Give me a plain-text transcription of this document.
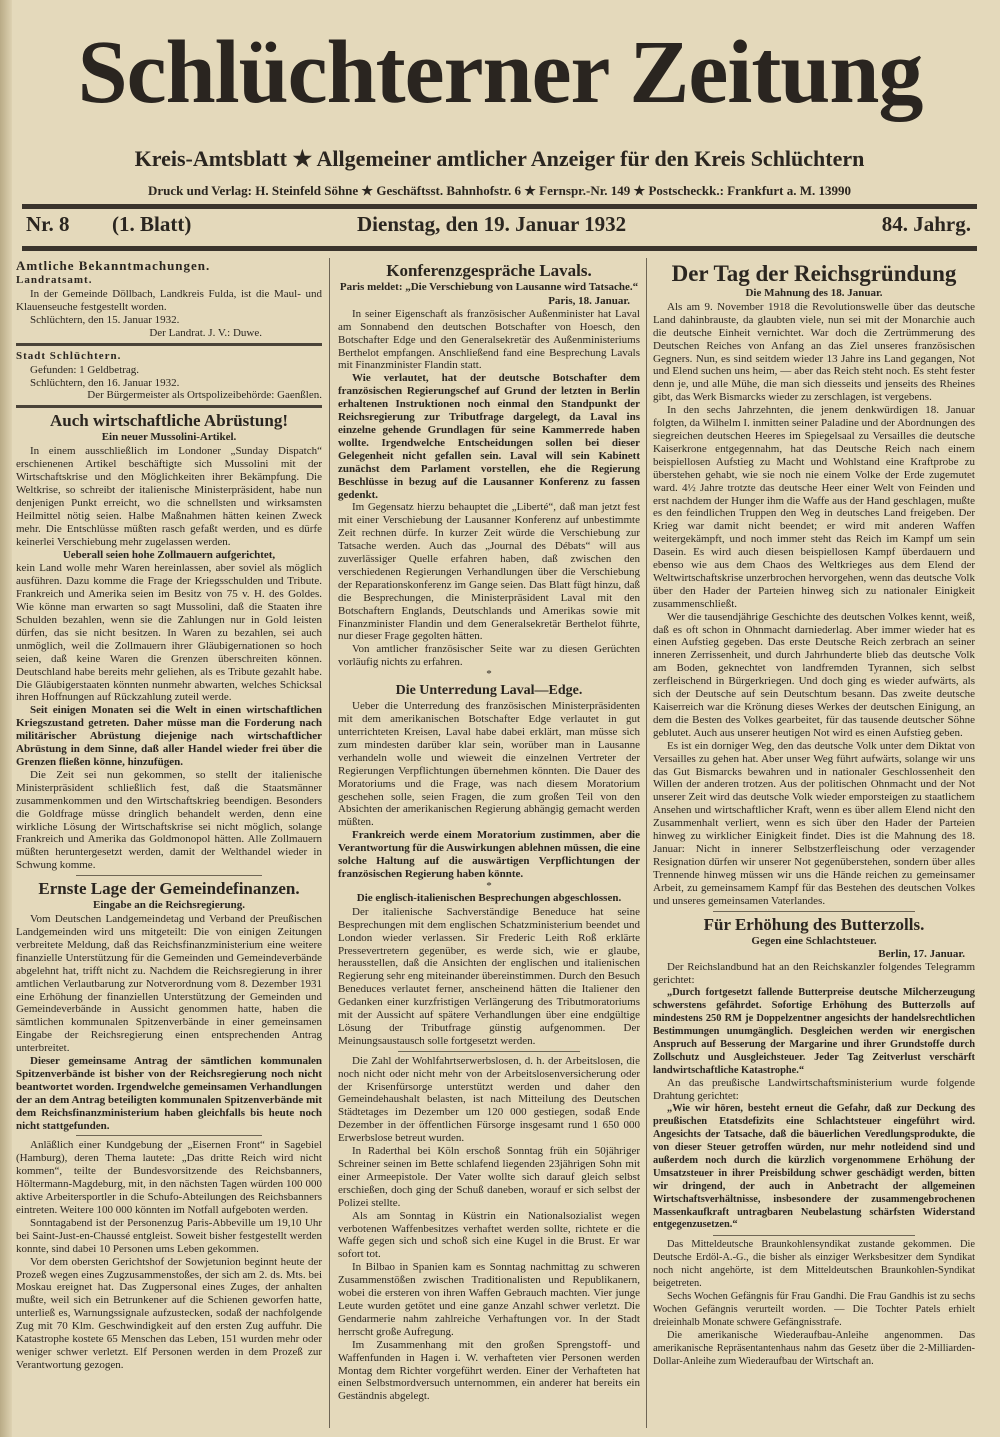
Schlüchterner Zeitung
Kreis-Amtsblatt ★ Allgemeiner amtlicher Anzeiger für den Kreis Schlüchtern
Druck und Verlag: H. Steinfeld Söhne ★ Geschäftsst. Bahnhofstr. 6 ★ Fernspr.-Nr. 149 ★ Postscheckk.: Frankfurt a. M. 13990
Nr. 8 (1. Blatt)	Dienstag, den 19. Januar 1932	84. Jahrg.
Amtliche Bekanntmachungen.
Landratsamt.

In der Gemeinde Döllbach, Landkreis Fulda, ist die Maul- und Klauenseuche festgestellt worden.

Schlüchtern, den 15. Januar 1932.

Der Landrat. J. V.: Duwe.

Stadt Schlüchtern.

Gefunden: 1 Geldbetrag.

Schlüchtern, den 16. Januar 1932.

Der Bürgermeister als Ortspolizeibehörde: Gaenßlen.

Auch wirtschaftliche Abrüstung!
Ein neuer Mussolini-Artikel.

In einem ausschließlich im Londoner „Sunday Dispatch“ erschienenen Artikel beschäftigte sich Mussolini mit der Wirtschaftskrise und den Möglichkeiten ihrer Bekämpfung. Die Weltkrise, so schreibt der italienische Ministerpräsident, habe nun denjenigen Punkt erreicht, wo die schnellsten und wirksamsten Heilmittel nötig seien. Halbe Maßnahmen hätten keinen Zweck mehr. Die Entschlüsse müßten rasch gefaßt werden, und es dürfe keinerlei Verschiebung mehr zugelassen werden.

Ueberall seien hohe Zollmauern aufgerichtet,

kein Land wolle mehr Waren hereinlassen, aber soviel als möglich ausführen. Dazu komme die Frage der Kriegsschulden und Tribute. Frankreich und Amerika seien im Besitz von 75 v. H. des Goldes. Wie könne man erwarten so sagt Mussolini, daß die Staaten ihre Schulden bezahlen, wenn sie die Zahlungen nur in Gold leisten dürfen, das sie nicht besitzen. In Waren zu bezahlen, sei auch unmöglich, weil die Zollmauern ihrer Gläubigernationen so hoch seien, daß keine Waren die Grenzen überschreiten können. Deutschland habe bereits mehr geliehen, als es Tribute gezahlt habe. Die Gläubigerstaaten könnten nunmehr abwarten, welches Schicksal ihren Hoffnungen auf Rückzahlung zuteil werde.

Seit einigen Monaten sei die Welt in einen wirtschaftlichen Kriegszustand getreten. Daher müsse man die Forderung nach militärischer Abrüstung diejenige nach wirtschaftlicher Abrüstung in dem Sinne, daß aller Handel wieder frei über die Grenzen fließen könne, hinzufügen.

Die Zeit sei nun gekommen, so stellt der italienische Ministerpräsident schließlich fest, daß die Staatsmänner zusammenkommen und den Wirtschaftskrieg beendigen. Besonders die Goldfrage müsse dringlich behandelt werden, denn eine wirkliche Lösung der Wirtschaftskrise sei nicht möglich, solange Frankreich und Amerika das Goldmonopol hätten. Alle Zollmauern müßten heruntergesetzt werden, damit der Welthandel wieder in Schwung komme.

Ernste Lage der Gemeindefinanzen.
Eingabe an die Reichsregierung.

Vom Deutschen Landgemeindetag und Verband der Preußischen Landgemeinden wird uns mitgeteilt: Die von einigen Zeitungen verbreitete Meldung, daß das Reichsfinanzministerium eine weitere finanzielle Unterstützung für die Gemeinden und Gemeindeverbände abgelehnt hat, trifft nicht zu. Nachdem die Reichsregierung in ihrer amtlichen Verlautbarung zur Notverordnung vom 8. Dezember 1931 eine Erhöhung der finanziellen Unterstützung der Gemeinden und Gemeindeverbände in Aussicht genommen hatte, haben die sämtlichen kommunalen Spitzenverbände in einer gemeinsamen Eingabe der Reichsregierung einen entsprechenden Antrag unterbreitet.

Dieser gemeinsame Antrag der sämtlichen kommunalen Spitzenverbände ist bisher von der Reichsregierung noch nicht beantwortet worden. Irgendwelche gemeinsamen Verhandlungen der an dem Antrag beteiligten kommunalen Spitzenverbände mit dem Reichsfinanzministerium haben gleichfalls bis heute noch nicht stattgefunden.

Anläßlich einer Kundgebung der „Eisernen Front“ in Sagebiel (Hamburg), deren Thema lautete: „Das dritte Reich wird nicht kommen“, teilte der Bundesvorsitzende des Reichsbanners, Höltermann-Magdeburg, mit, in den nächsten Tagen würden 100 000 aktive Arbeitersportler in die Schufo-Abteilungen des Reichsbanners eintreten. Weitere 100 000 könnten im Notfall aufgeboten werden.

Sonntagabend ist der Personenzug Paris-Abbeville um 19,10 Uhr bei Saint-Just-en-Chaussé entgleist. Soweit bisher festgestellt werden konnte, sind dabei 10 Personen ums Leben gekommen.

Vor dem obersten Gerichtshof der Sowjetunion beginnt heute der Prozeß wegen eines Zugzusammenstoßes, der sich am 2. ds. Mts. bei Moskau ereignet hat. Das Zugpersonal eines Zuges, der anhalten mußte, weil sich ein Betrunkener auf die Schienen geworfen hatte, unterließ es, Warnungssignale aufzustecken, sodaß der nachfolgende Zug mit 70 Klm. Geschwindigkeit auf den ersten Zug auffuhr. Die Katastrophe kostete 65 Menschen das Leben, 151 wurden mehr oder weniger schwer verletzt. Elf Personen werden in dem Prozeß zur Verantwortung gezogen.

Konferenzgespräche Lavals.
Paris meldet: „Die Verschiebung von Lausanne wird Tatsache.“

Paris, 18. Januar.

In seiner Eigenschaft als französischer Außenminister hat Laval am Sonnabend den deutschen Botschafter von Hoesch, den Botschafter Edge und den Generalsekretär des Außenministeriums Berthelot empfangen. Anschließend fand eine Besprechung Lavals mit Finanzminister Flandin statt.

Wie verlautet, hat der deutsche Botschafter dem französischen Regierungschef auf Grund der letzten in Berlin erhaltenen Instruktionen noch einmal den Standpunkt der Reichsregierung zur Tributfrage dargelegt, da Laval ins einzelne gehende Grundlagen für seine Kammerrede haben wollte. Irgendwelche Entscheidungen sollen bei dieser Gelegenheit nicht gefallen sein. Laval will sein Kabinett zunächst dem Parlament vorstellen, ehe die Regierung Beschlüsse in bezug auf die Lausanner Konferenz zu fassen gedenkt.

Im Gegensatz hierzu behauptet die „Liberté“, daß man jetzt fest mit einer Verschiebung der Lausanner Konferenz auf unbestimmte Zeit rechnen dürfe. In kurzer Zeit würde die Verschiebung zur Tatsache werden. Auch das „Journal des Débats“ will aus zuverlässiger Quelle erfahren haben, daß zwischen den verschiedenen Regierungen Verhandlungen über die Verschiebung der Reparationskonferenz im Gange seien. Das Blatt fügt hinzu, daß die Besprechungen, die Ministerpräsident Laval mit den Botschaftern Englands, Deutschlands und Amerikas sowie mit Finanzminister Flandin und dem Generalsekretär Berthelot führte, nur dieser Frage gegolten hätten.

Von amtlicher französischer Seite war zu diesen Gerüchten vorläufig nichts zu erfahren.

*
Die Unterredung Laval—Edge.

Ueber die Unterredung des französischen Ministerpräsidenten mit dem amerikanischen Botschafter Edge verlautet in gut unterrichteten Kreisen, Laval habe dabei erklärt, man müsse sich zum mindesten darüber klar sein, worüber man in Lausanne verhandeln wolle und wieweit die einzelnen Vertreter der Regierungen Verpflichtungen übernehmen könnten. Die Dauer des Moratoriums und die Frage, was nach diesem Moratorium geschehen solle, seien Fragen, die zum großen Teil von den Absichten der amerikanischen Regierung abhängig gemacht werden müßten.

Frankreich werde einem Moratorium zustimmen, aber die Verantwortung für die Auswirkungen ablehnen müssen, die eine solche Haltung auf die auswärtigen Verpflichtungen der französischen Regierung haben könnte.

*
Die englisch-italienischen Besprechungen abgeschlossen.

Der italienische Sachverständige Beneduce hat seine Besprechungen mit dem englischen Schatzministerium beendet und London wieder verlassen. Sir Frederic Leith Roß erklärte Pressevertretern gegenüber, es werde sich, wie er glaube, herausstellen, daß die Ansichten der englischen und italienischen Regierung sehr eng miteinander übereinstimmen. Durch den Besuch Beneduces verlautet ferner, anscheinend hätten die Italiener den Gedanken einer kurzfristigen Verlängerung des Tributmoratoriums mit der Aussicht auf spätere Verhandlungen über eine endgültige Lösung der Tributfrage günstig aufgenommen. Der Meinungsaustausch solle fortgesetzt werden.

Die Zahl der Wohlfahrtserwerbslosen, d. h. der Arbeitslosen, die noch nicht oder nicht mehr von der Arbeitslosenversicherung oder der Krisenfürsorge unterstützt werden und daher den Gemeindehaushalt belasten, ist nach Mitteilung des Deutschen Städtetages im Dezember um 120 000 gestiegen, sodaß Ende Dezember in der öffentlichen Fürsorge insgesamt rund 1 650 000 Erwerbslose betreut wurden.

In Raderthal bei Köln erschoß Sonntag früh ein 50jähriger Schreiner seinen im Bette schlafend liegenden 23jährigen Sohn mit einer Armeepistole. Der Vater wollte sich darauf gleich selbst erschießen, doch ging der Schuß daneben, worauf er sich selbst der Polizei stellte.

Als am Sonntag in Küstrin ein Nationalsozialist wegen verbotenen Waffenbesitzes verhaftet werden sollte, richtete er die Waffe gegen sich und schoß sich eine Kugel in die Brust. Er war sofort tot.

In Bilbao in Spanien kam es Sonntag nachmittag zu schweren Zusammenstößen zwischen Traditionalisten und Republikanern, wobei die ersteren von ihren Waffen Gebrauch machten. Vier junge Leute wurden getötet und eine ganze Anzahl schwer verletzt. Die Gendarmerie nahm zahlreiche Verhaftungen vor. In der Stadt herrscht große Aufregung.

Im Zusammenhang mit den großen Sprengstoff- und Waffenfunden in Hagen i. W. verhafteten vier Personen werden Montag dem Richter vorgeführt werden. Einer der Verhafteten hat einen Selbstmordversuch unternommen, ein anderer hat bereits ein Geständnis abgelegt.

Der Tag der Reichsgründung
Die Mahnung des 18. Januar.

Als am 9. November 1918 die Revolutionswelle über das deutsche Land dahinbrauste, da glaubten viele, nun sei mit der Monarchie auch die deutsche Einheit vernichtet. War doch die Zertrümmerung des Deutschen Reiches von Anfang an das Ziel unseres französischen Gegners. Nun, es sind seitdem wieder 13 Jahre ins Land gegangen, Not und Elend suchen uns heim, — aber das Reich steht noch. Es steht fester denn je, und alle Mühe, die man sich diesseits und jenseits des Rheines gibt, das Werk Bismarcks wieder zu zerschlagen, ist vergebens.

In den sechs Jahrzehnten, die jenem denkwürdigen 18. Januar folgten, da Wilhelm I. inmitten seiner Paladine und der Abordnungen des siegreichen deutschen Heeres im Spiegelsaal zu Versailles die deutsche Kaiserkrone entgegennahm, hat das Deutsche Reich nach einem beispiellosen Aufstieg zu Macht und Wohlstand eine Kraftprobe zu überstehen gehabt, wie sie noch nie einem Volke der Erde zugemutet ward. 4½ Jahre trotzte das deutsche Heer einer Welt von Feinden und erst nachdem der Hunger ihm die Waffe aus der Hand geschlagen, mußte es den feindlichen Truppen den Weg in deutsches Land freigeben. Der Krieg war damit nicht beendet; er wird mit anderen Waffen weitergekämpft, und noch immer steht das Reich im Kampf um sein Dasein. Es wird auch diesen beispiellosen Kampf überdauern und ebenso wie aus dem Chaos des Weltkrieges aus dem Elend der Weltwirtschaftskrise unzerbrochen hervorgehen, wenn das deutsche Volk über den Hader der Parteien hinweg sich zu nationaler Einigkeit zusammenschließt.

Wer die tausendjährige Geschichte des deutschen Volkes kennt, weiß, daß es oft schon in Ohnmacht darniederlag. Aber immer wieder hat es einen Aufstieg gegeben. Das erste Deutsche Reich zerbrach an seiner inneren Zerrissenheit, und durch Jahrhunderte blieb das deutsche Volk am Boden, geknechtet von landfremden Tyrannen, sich selbst zerfleischend in Bürgerkriegen. Und doch ging es wieder aufwärts, als sich der Deutsche auf sein Deutschtum besann. Das zweite deutsche Kaiserreich war die Krönung dieses Werkes der deutschen Einigung, an dem die Besten des Volkes gearbeitet, für das tausende deutscher Söhne geblutet. Auch aus unserer heutigen Not wird es einen Aufstieg geben.

Es ist ein dorniger Weg, den das deutsche Volk unter dem Diktat von Versailles zu gehen hat. Aber unser Weg führt aufwärts, solange wir uns das Gut Bismarcks bewahren und in nationaler Geschlossenheit den Willen der anderen trotzen. Aus der politischen Ohnmacht und der Not unserer Zeit wird das deutsche Volk wieder emporsteigen zu staatlichem Ansehen und wirtschaftlicher Kraft, wenn es über allem Elend nicht den Zusammenhalt verliert, wenn es sich über den Hader der Parteien hinweg zu wirklicher Einigkeit findet. Dies ist die Mahnung des 18. Januar: Nicht in innerer Selbstzerfleischung oder verzagender Resignation dürfen wir unserer Not gegenüberstehen, sondern über alles Trennende hinweg müssen wir uns die Hände reichen zu gemeinsamer Arbeit, zu gemeinsamem Kampf für das Bestehen des deutschen Volkes und unseres gemeinsamen Vaterlandes.

Für Erhöhung des Butterzolls.
Gegen eine Schlachtsteuer.

Berlin, 17. Januar.

Der Reichslandbund hat an den Reichskanzler folgendes Telegramm gerichtet:

„Durch fortgesetzt fallende Butterpreise deutsche Milcherzeugung schwerstens gefährdet. Sofortige Erhöhung des Butterzolls auf mindestens 250 RM je Doppelzentner angesichts der handelsrechtlichen Bestimmungen unumgänglich. Desgleichen werden wir energischen Anspruch auf Besserung der Margarine und ihrer Grundstoffe durch Zollschutz und Ausgleichsteuer. Jeder Tag Zeitverlust verschärft landwirtschaftliche Katastrophe.“

An das preußische Landwirtschaftsministerium wurde folgende Drahtung gerichtet:

„Wie wir hören, besteht erneut die Gefahr, daß zur Deckung des preußischen Etatsdefizits eine Schlachtsteuer eingeführt wird. Angesichts der Tatsache, daß die bäuerlichen Veredlungsprodukte, die von dieser Steuer getroffen würden, nur mehr notleidend sind und außerdem noch durch die kürzlich vorgenommene Erhöhung der Umsatzsteuer in ihrer Preisbildung schwer geschädigt werden, bitten wir dringend, der auch in Anbetracht der allgemeinen Wirtschaftsverhältnisse, insbesondere der zusammengebrochenen Massenkaufkraft untragbaren Neubelastung schärfsten Widerstand entgegenzusetzen.“

Das Mitteldeutsche Braunkohlensyndikat zustande gekommen. Die Deutsche Erdöl-A.-G., die bisher als einziger Werksbesitzer dem Syndikat noch nicht angehörte, ist dem Mitteldeutschen Braunkohlen-Syndikat beigetreten.

Sechs Wochen Gefängnis für Frau Gandhi. Die Frau Gandhis ist zu sechs Wochen Gefängnis verurteilt worden. — Die Tochter Patels erhielt dreieinhalb Monate schwere Gefängnisstrafe.

Die amerikanische Wiederaufbau-Anleihe angenommen. Das amerikanische Repräsentantenhaus nahm das Gesetz über die 2-Milliarden-Dollar-Anleihe zum Wiederaufbau der Wirtschaft an.
